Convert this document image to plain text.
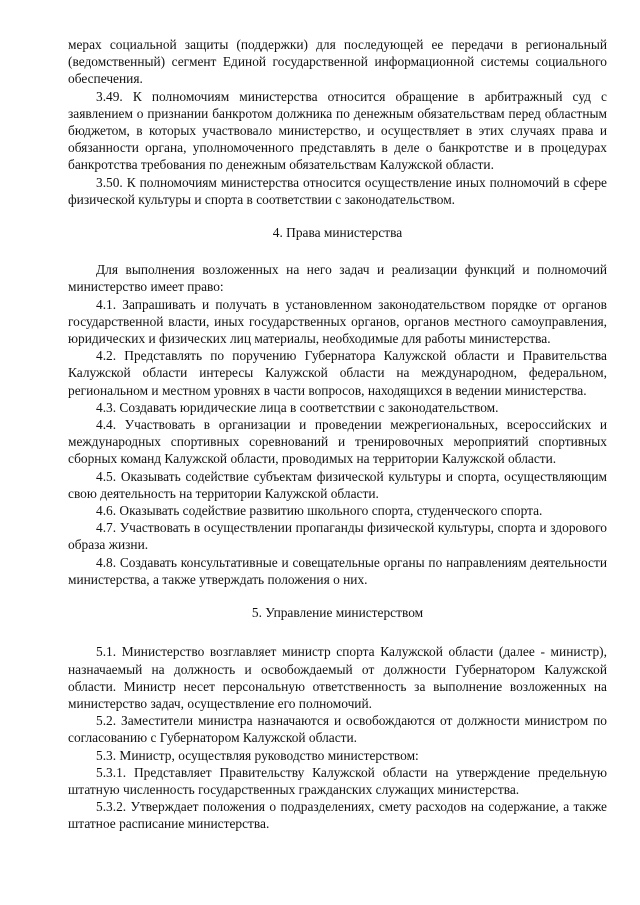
мерах социальной защиты (поддержки) для последующей ее передачи в региональный (ведомственный) сегмент Единой государственной информационной системы социального обеспечения.

3.49. К полномочиям министерства относится обращение в арбитражный суд с заявлением о признании банкротом должника по денежным обязательствам перед областным бюджетом, в которых участвовало министерство, и осуществляет в этих случаях права и обязанности органа, уполномоченного представлять в деле о банкротстве и в процедурах банкротства требования по денежным обязательствам Калужской области.

3.50. К полномочиям министерства относится осуществление иных полномочий в сфере физической культуры и спорта в соответствии с законодательством.

4. Права министерства

Для выполнения возложенных на него задач и реализации функций и полномочий министерство имеет право:

4.1. Запрашивать и получать в установленном законодательством порядке от органов государственной власти, иных государственных органов, органов местного самоуправления, юридических и физических лиц материалы, необходимые для работы министерства.

4.2. Представлять по поручению Губернатора Калужской области и Правительства Калужской области интересы Калужской области на международном, федеральном, региональном и местном уровнях в части вопросов, находящихся в ведении министерства.

4.3. Создавать юридические лица в соответствии с законодательством.

4.4. Участвовать в организации и проведении межрегиональных, всероссийских и международных спортивных соревнований и тренировочных мероприятий спортивных сборных команд Калужской области, проводимых на территории Калужской области.

4.5. Оказывать содействие субъектам физической культуры и спорта, осуществляющим свою деятельность на территории Калужской области.

4.6. Оказывать содействие развитию школьного спорта, студенческого спорта.

4.7. Участвовать в осуществлении пропаганды физической культуры, спорта и здорового образа жизни.

4.8. Создавать консультативные и совещательные органы по направлениям деятельности министерства, а также утверждать положения о них.

5. Управление министерством

5.1. Министерство возглавляет министр спорта Калужской области (далее - министр), назначаемый на должность и освобождаемый от должности Губернатором Калужской области. Министр несет персональную ответственность за выполнение возложенных на министерство задач, осуществление его полномочий.

5.2. Заместители министра назначаются и освобождаются от должности министром по согласованию с Губернатором Калужской области.

5.3. Министр, осуществляя руководство министерством:

5.3.1. Представляет Правительству Калужской области на утверждение предельную штатную численность государственных гражданских служащих министерства.

5.3.2. Утверждает положения о подразделениях, смету расходов на содержание, а также штатное расписание министерства.
